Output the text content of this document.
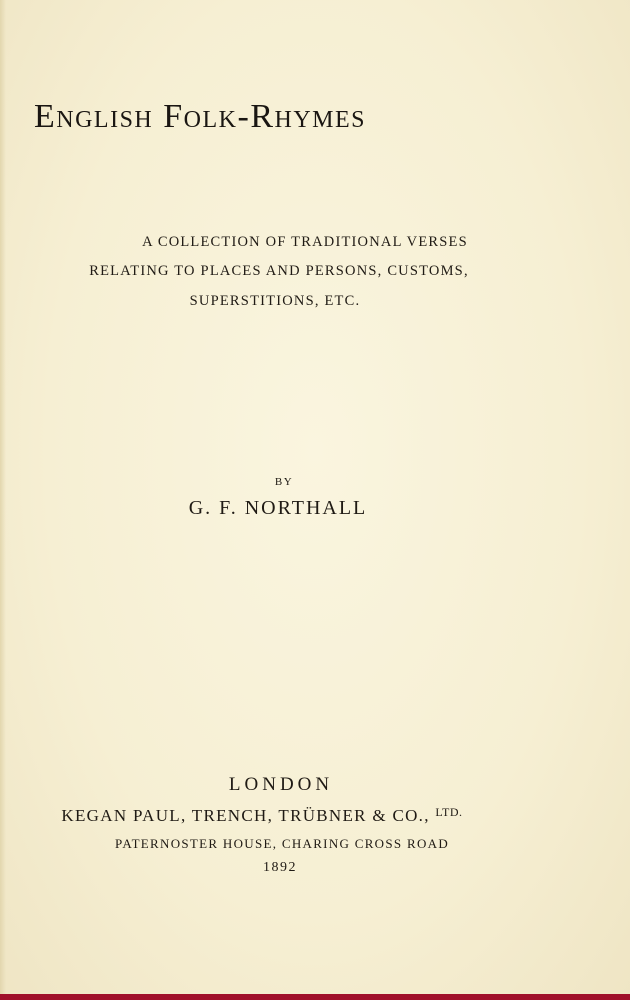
English Folk-Rhymes

A COLLECTION OF TRADITIONAL VERSES

RELATING TO PLACES AND PERSONS, CUSTOMS,

SUPERSTITIONS, ETC.

BY

G. F. NORTHALL

LONDON

KEGAN PAUL, TRENCH, TRÜBNER & CO., $^{LTD.}$

PATERNOSTER HOUSE, CHARING CROSS ROAD

1892
